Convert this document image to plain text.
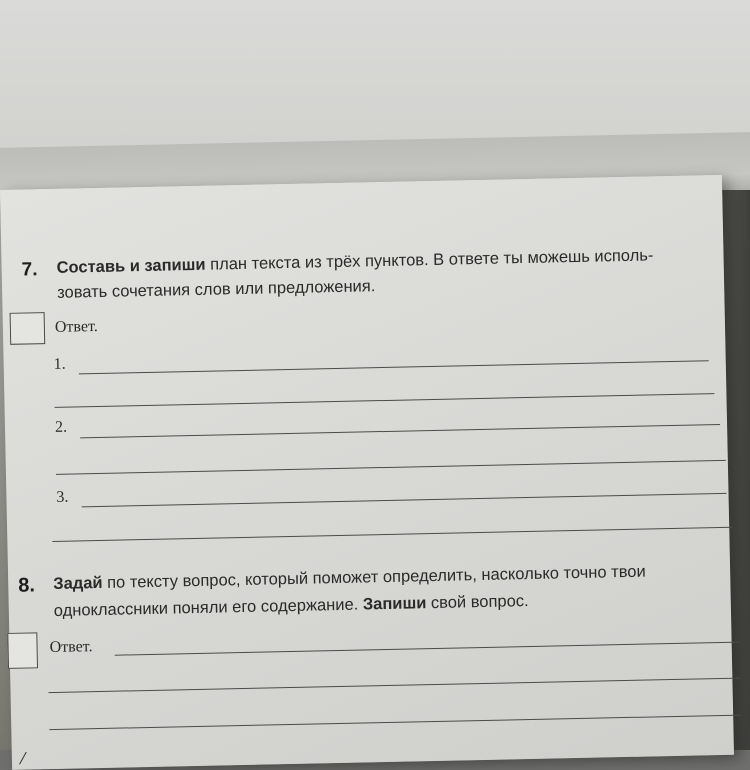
7. Составь и запиши план текста из трёх пунктов. В ответе ты можешь исполь-
зовать сочетания слов или предложения.
Ответ.
1.
2.
3.
8. Задай по тексту вопрос, который поможет определить, насколько точно твои
одноклассники поняли его содержание. Запиши свой вопрос.
Ответ.
